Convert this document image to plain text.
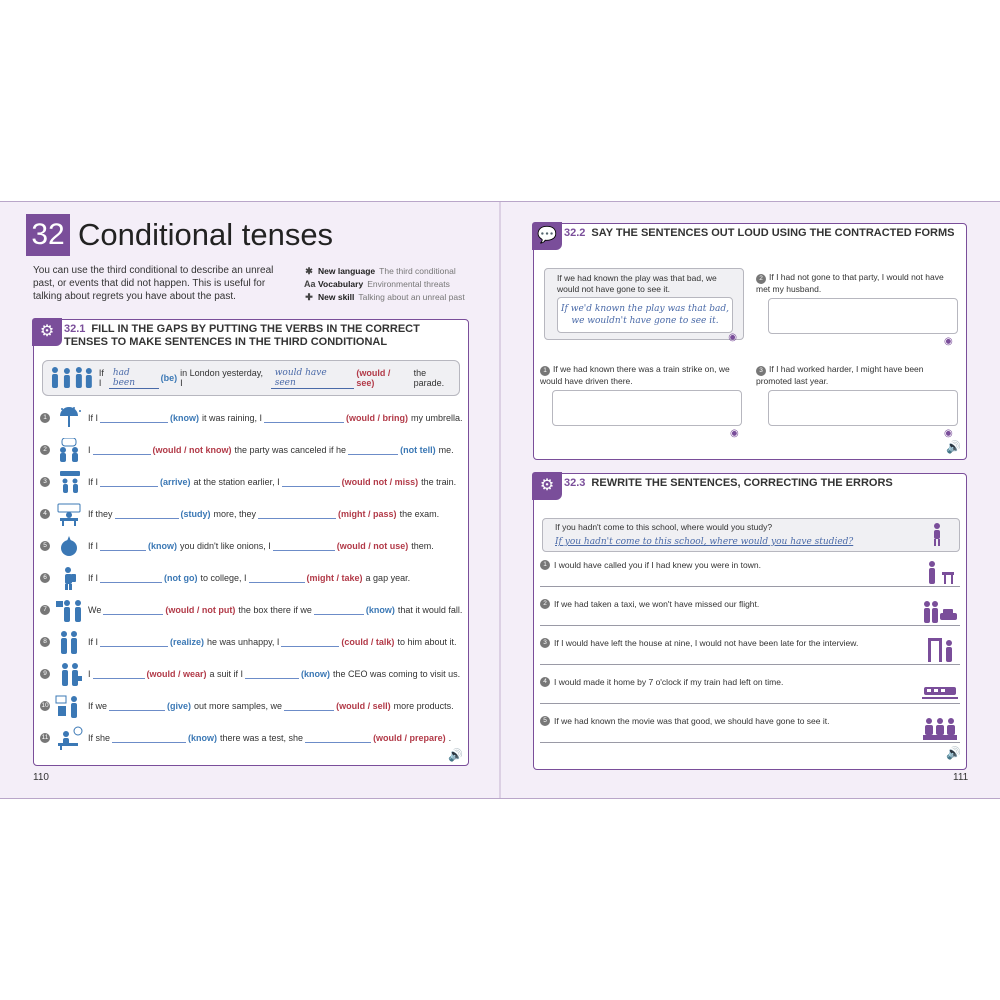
32 Conditional tenses
You can use the third conditional to describe an unreal past, or events that did not happen. This is useful for talking about regrets you have about the past.
✱ New language The third conditional
Aa Vocabulary Environmental threats
✚ New skill Talking about an unreal past
⚙ 32.1 FILL IN THE GAPS BY PUTTING THE VERBS IN THE CORRECT TENSES TO MAKE SENTENCES IN THE THIRD CONDITIONAL
If I
had been	(be) in London yesterday, I
would have seen
(would / see)
the parade.
1	If I	(know) it was raining, I	(would / bring) my umbrella.
2	I	(would / not know) the party was canceled if he	(not tell) me.
3	If I	(arrive) at the station earlier, I	(would not / miss) the train.
4	If they	(study) more, they	(might / pass) the exam.
5	If I	(know) you didn't like onions, I	(would / not use) them.
6	If I	(not go) to college, I	(might / take) a gap year.
7	We	(would / not put) the box there if we	(know) that it would fall.
8	If I	(realize) he was unhappy, I	(could / talk) to him about it.
9	I	(would / wear) a suit if I	(know) the CEO was coming to visit us.
10	If we	(give) out more samples, we	(would / sell) more products.
11	If she	(know) there was a test, she	(would / prepare) .
🔊
110
💬 32.2 SAY THE SENTENCES OUT LOUD USING THE CONTRACTED FORMS
If we had known the play was that bad, we would not have gone to see it.
If we'd known the play was that bad, we wouldn't have gone to see it.
◉
2 If I had not gone to that party, I would not have met my husband.
◉
1 If we had known there was a train strike on, we would have driven there.
◉
3 If I had worked harder, I might have been promoted last year.
◉
🔊
⚙ 32.3 REWRITE THE SENTENCES, CORRECTING THE ERRORS
If you hadn't come to this school, where would you study?
If you hadn't come to this school, where would you have studied?
1 I would have called you if I had knew you were in town.
2 If we had taken a taxi, we won't have missed our flight.
3 If I would have left the house at nine, I would not have been late for the interview.
4 I would made it home by 7 o'clock if my train had left on time.
5 If we had known the movie was that good, we should have gone to see it.
🔊
111
